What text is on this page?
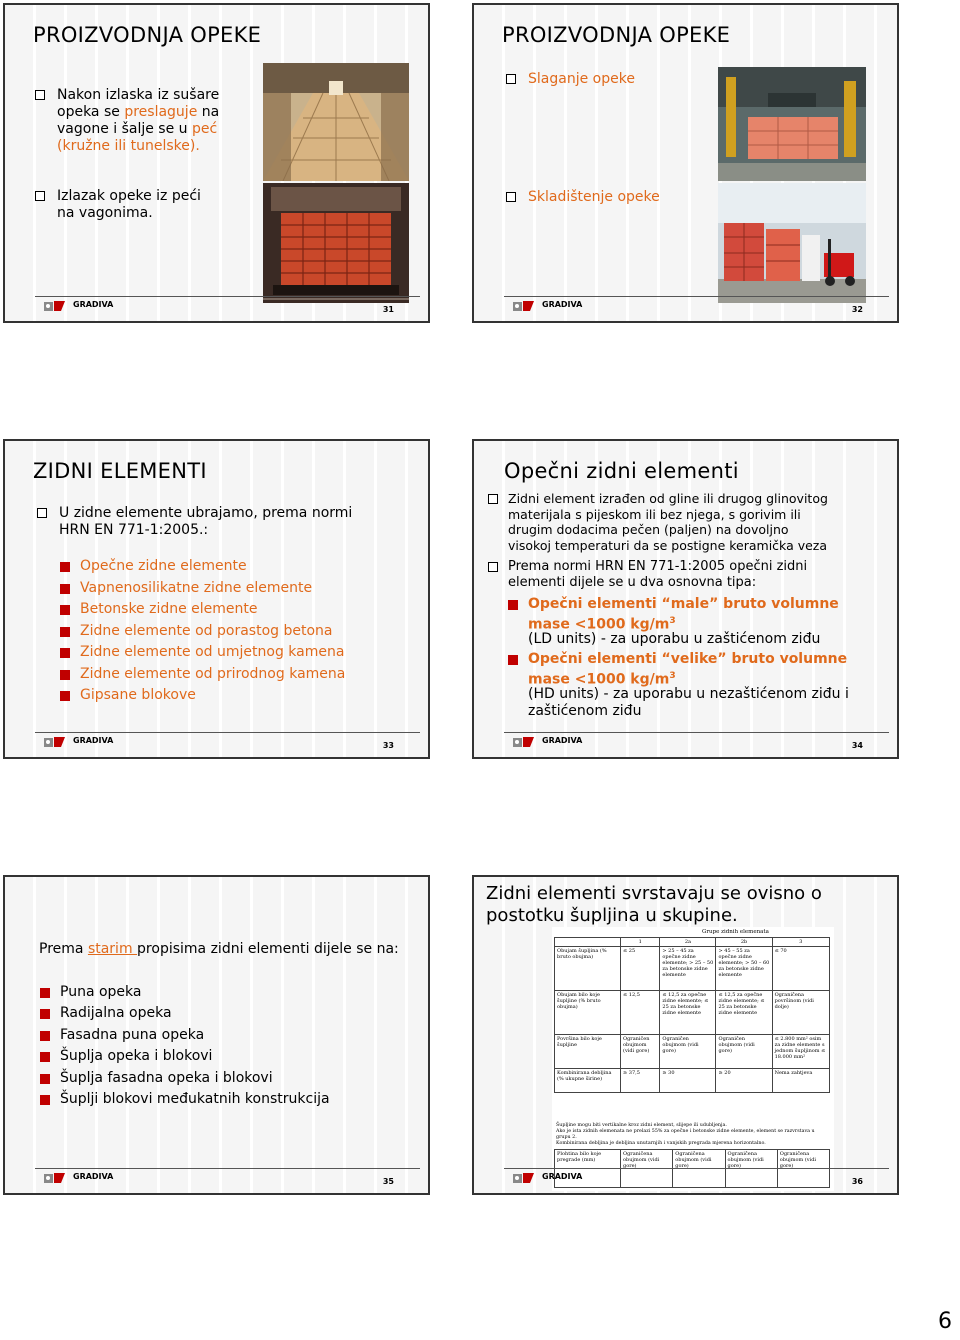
PROIZVODNJA OPEKE
Nakon izlaska iz sušare
opeka se preslaguje na
vagone i šalje se u peć
(kružne ili tunelske).
Izlazak opeke iz peći
na vagonima.
GRADIVA
31
PROIZVODNJA OPEKE
Slaganje opeke
Skladištenje opeke
GRADIVA
32
ZIDNI ELEMENTI
U zidne elemente ubrajamo, prema normi
HRN EN 771-1:2005.:
Opečne zidne elemente
Vapnenosilikatne zidne elemente
Betonske zidne elemente
Zidne elemente od porastog betona
Zidne elemente od umjetnog kamena
Zidne elemente od prirodnog kamena
Gipsane blokove
GRADIVA
33
Opečni zidni elementi
Zidni element izrađen od gline ili drugog glinovitog
materijala s pijeskom ili bez njega, s gorivim ili
drugim dodacima pečen (paljen) na dovoljno
visokoj temperaturi da se postigne keramička veza
Prema normi HRN EN 771-1:2005 opečni zidni
elementi dijele se u dva osnovna tipa:
Opečni elementi “male” bruto volumne
mase <1000 $kg/m^3$
(LD units) - za uporabu u zaštićenom ziđu
Opečni elementi “velike” bruto volumne
mase <1000 $kg/m^3$
(HD units) - za uporabu u nezaštićenom ziđu i
zaštićenom ziđu
GRADIVA
34
Prema starim propisima zidni elementi dijele se na:
Puna opeka
Radijalna opeka
Fasadna puna opeka
Šuplja opeka i blokovi
Šuplja fasadna opeka i blokovi
Šuplji blokovi međukatnih konstrukcija
GRADIVA
35
Zidni elementi svrstavaju se ovisno o
postotku šupljina u skupine.
Grupe zidnih elemenata
	1	2a	2b	3
Obujam šupljina (% bruto obujma)	≤ 25	> 25 – 45 za opečne zidne elemente; > 25 – 50 za betonske zidne elemente	> 45 – 55 za opečne zidne elemente; > 50 – 60 za betonske zidne elemente	≤ 70
Obujam bilo koje šupljine (% bruto obujma)	≤ 12,5	≤ 12,5 za opečne zidne elemente; ≤ 25 za betonske zidne elemente	≤ 12,5 za opečne zidne elemente; ≤ 25 za betonske zidne elemente	Ograničena površinom (vidi dolje)
Površina bilo koje šupljine	Ograničen obujmom (vidi gore)	Ograničen obujmom (vidi gore)	Ograničen obujmom (vidi gore)	≤ 2.800 mm² osim za zidne elemente s jednom šupljinom ≤ 18.000 mm²
Kombinirana debljina (% ukupne širine)	≥ 37,5	≥ 30	≥ 20	Nema zahtjeva
Šupljine mogu biti vertikalne kroz zidni element, slijepe ili udubljenja.
Ako je ista zidnih elemenata ne prelazi 55% za opečne i betonske zidne elemente, element se razvrstava u grupu 2.
Kombinirana debljina je debljina unutarnjih i vanjskih pregrada mjerena horizontalno.
Plohtina bilo koje pregrade (mm)	Ograničena obujmom (vidi gore)	Ograničena obujmom (vidi gore)	Ograničena obujmom (vidi gore)	Ograničena obujmom (vidi gore)
GRADIVA
36
6
